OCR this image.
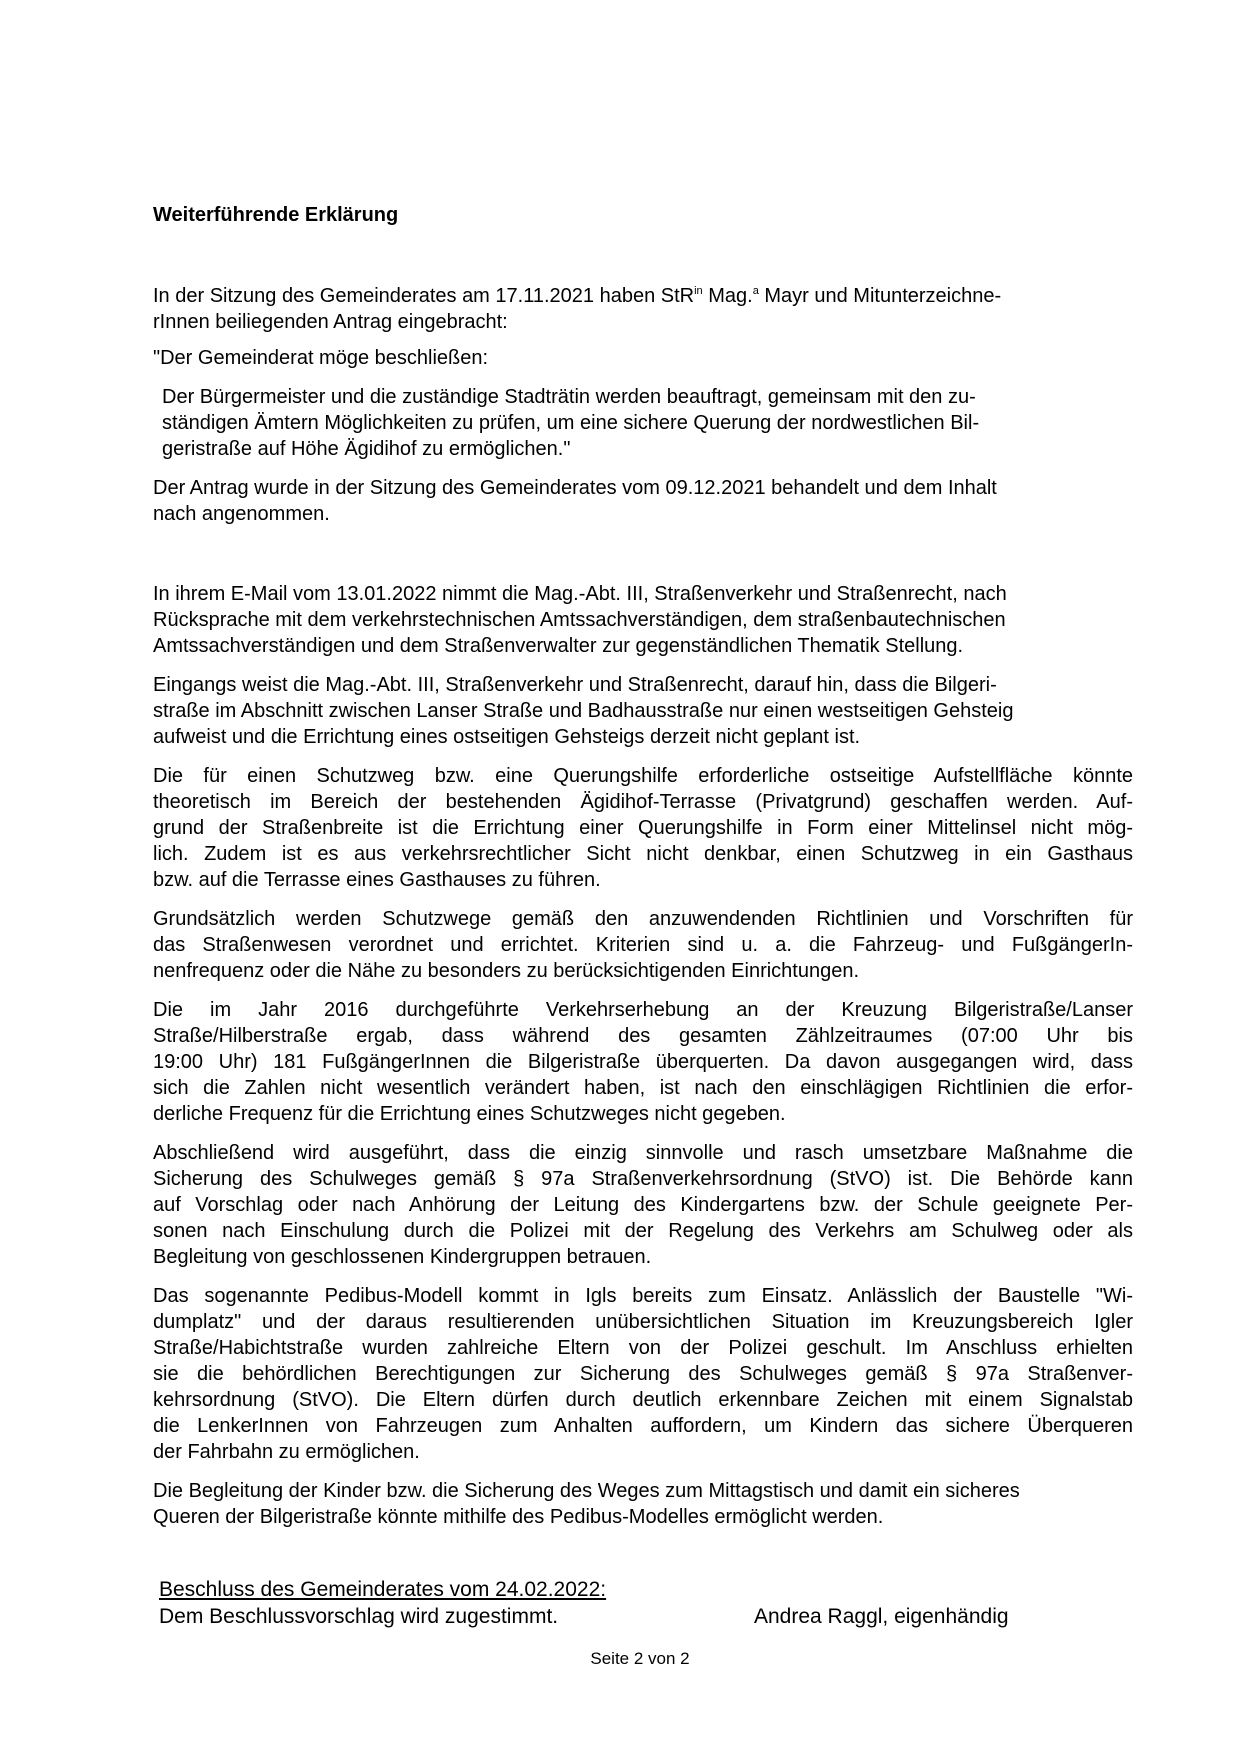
Weiterführende Erklärung
In der Sitzung des Gemeinderates am 17.11.2021 haben StR$^{in}$ Mag.$^a$ Mayr und Mitunterzeichne-
rInnen beiliegenden Antrag eingebracht:
"Der Gemeinderat möge beschließen:
Der Bürgermeister und die zuständige Stadträtin werden beauftragt, gemeinsam mit den zu-
ständigen Ämtern Möglichkeiten zu prüfen, um eine sichere Querung der nordwestlichen Bil-
geristraße auf Höhe Ägidihof zu ermöglichen."
Der Antrag wurde in der Sitzung des Gemeinderates vom 09.12.2021 behandelt und dem Inhalt
nach angenommen.
In ihrem E-Mail vom 13.01.2022 nimmt die Mag.-Abt. III, Straßenverkehr und Straßenrecht, nach
Rücksprache mit dem verkehrstechnischen Amtssachverständigen, dem straßenbautechnischen
Amtssachverständigen und dem Straßenverwalter zur gegenständlichen Thematik Stellung.
Eingangs weist die Mag.-Abt. III, Straßenverkehr und Straßenrecht, darauf hin, dass die Bilgeri-
straße im Abschnitt zwischen Lanser Straße und Badhausstraße nur einen westseitigen Gehsteig
aufweist und die Errichtung eines ostseitigen Gehsteigs derzeit nicht geplant ist.
Die für einen Schutzweg bzw. eine Querungshilfe erforderliche ostseitige Aufstellfläche könnte
theoretisch im Bereich der bestehenden Ägidihof-Terrasse (Privatgrund) geschaffen werden. Auf-
grund der Straßenbreite ist die Errichtung einer Querungshilfe in Form einer Mittelinsel nicht mög-
lich. Zudem ist es aus verkehrsrechtlicher Sicht nicht denkbar, einen Schutzweg in ein Gasthaus
bzw. auf die Terrasse eines Gasthauses zu führen.
Grundsätzlich werden Schutzwege gemäß den anzuwendenden Richtlinien und Vorschriften für
das Straßenwesen verordnet und errichtet. Kriterien sind u. a. die Fahrzeug- und FußgängerIn-
nenfrequenz oder die Nähe zu besonders zu berücksichtigenden Einrichtungen.
Die im Jahr 2016 durchgeführte Verkehrserhebung an der Kreuzung Bilgeristraße/Lanser
Straße/Hilberstraße ergab, dass während des gesamten Zählzeitraumes (07:00 Uhr bis
19:00 Uhr) 181 FußgängerInnen die Bilgeristraße überquerten. Da davon ausgegangen wird, dass
sich die Zahlen nicht wesentlich verändert haben, ist nach den einschlägigen Richtlinien die erfor-
derliche Frequenz für die Errichtung eines Schutzweges nicht gegeben.
Abschließend wird ausgeführt, dass die einzig sinnvolle und rasch umsetzbare Maßnahme die
Sicherung des Schulweges gemäß § 97a Straßenverkehrsordnung (StVO) ist. Die Behörde kann
auf Vorschlag oder nach Anhörung der Leitung des Kindergartens bzw. der Schule geeignete Per-
sonen nach Einschulung durch die Polizei mit der Regelung des Verkehrs am Schulweg oder als
Begleitung von geschlossenen Kindergruppen betrauen.
Das sogenannte Pedibus-Modell kommt in Igls bereits zum Einsatz. Anlässlich der Baustelle "Wi-
dumplatz" und der daraus resultierenden unübersichtlichen Situation im Kreuzungsbereich Igler
Straße/Habichtstraße wurden zahlreiche Eltern von der Polizei geschult. Im Anschluss erhielten
sie die behördlichen Berechtigungen zur Sicherung des Schulweges gemäß § 97a Straßenver-
kehrsordnung (StVO). Die Eltern dürfen durch deutlich erkennbare Zeichen mit einem Signalstab
die LenkerInnen von Fahrzeugen zum Anhalten auffordern, um Kindern das sichere Überqueren
der Fahrbahn zu ermöglichen.
Die Begleitung der Kinder bzw. die Sicherung des Weges zum Mittagstisch und damit ein sicheres
Queren der Bilgeristraße könnte mithilfe des Pedibus-Modelles ermöglicht werden.
Beschluss des Gemeinderates vom 24.02.2022:
Dem Beschlussvorschlag wird zugestimmt.	Andrea Raggl, eigenhändig
Seite 2 von 2
